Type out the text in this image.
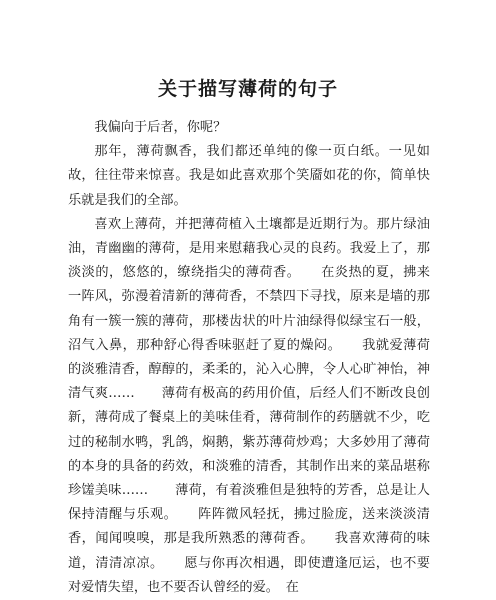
关于描写薄荷的句子

我偏向于后者，你呢？

那年，薄荷飘香，我们都还单纯的像一页白纸。一见如故，往往带来惊喜。我是如此喜欢那个笑靥如花的你，简单快乐就是我们的全部。

喜欢上薄荷，并把薄荷植入土壤都是近期行为。那片绿油油，青幽幽的薄荷，是用来慰藉我心灵的良药。我爱上了，那淡淡的，悠悠的，缭绕指尖的薄荷香。　　在炎热的夏，拂来一阵风，弥漫着清新的薄荷香，不禁四下寻找，原来是墙的那角有一簇一簇的薄荷，那楼齿状的叶片油绿得似绿宝石一般，沼气入鼻，那种舒心得香味驱赶了夏的燥闷。　　我就爱薄荷的淡雅清香，醇醇的，柔柔的，沁入心脾，令人心旷神怡，神清气爽……　　薄荷有极高的药用价值，后经人们不断改良创新，薄荷成了餐桌上的美味佳肴，薄荷制作的药膳就不少，吃过的秘制水鸭，乳鸽，焖鹅，紫苏薄荷炒鸡；大多妙用了薄荷的本身的具备的药效，和淡雅的清香，其制作出来的菜品堪称珍馐美味……　　薄荷，有着淡雅但是独特的芳香，总是让人保持清醒与乐观。　　阵阵微风轻抚，拂过脸庞，送来淡淡清香，闻闻嗅嗅，那是我所熟悉的薄荷香。　　我喜欢薄荷的味道，清清凉凉。　　愿与你再次相遇，即使遭逢厄运，也不要对爱情失望，也不要否认曾经的爱。　在
